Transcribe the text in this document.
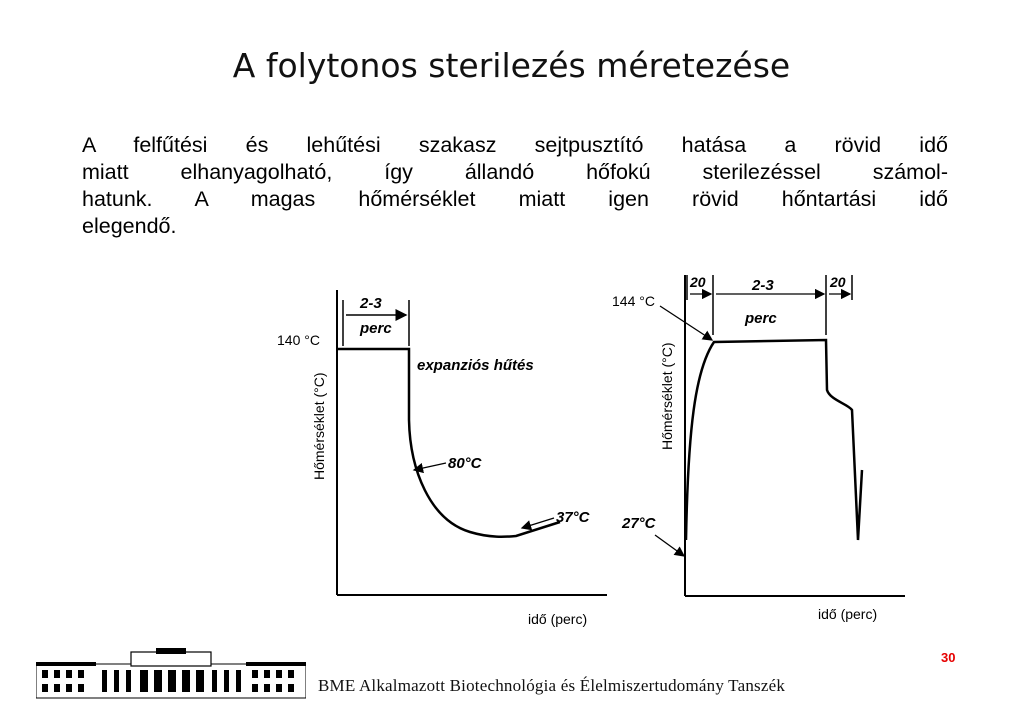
A folytonos sterilezés méretezése
A felfűtési és lehűtési szakasz sejtpusztító hatása a rövid idő
miatt elhanyagolható, így állandó hőfokú sterilezéssel számol-
hatunk. A magas hőmérséklet miatt igen rövid hőntartási idő
elegendő.
2-3
perc
140 °C
expanziós hűtés
80°C
37°C
Hőmérséklet (°C)
idő (perc)
20	2-3	20
perc
144 °C
27°C
Hőmérséklet (°C)
idő (perc)
BME Alkalmazott Biotechnológia és Élelmiszertudomány Tanszék
30
